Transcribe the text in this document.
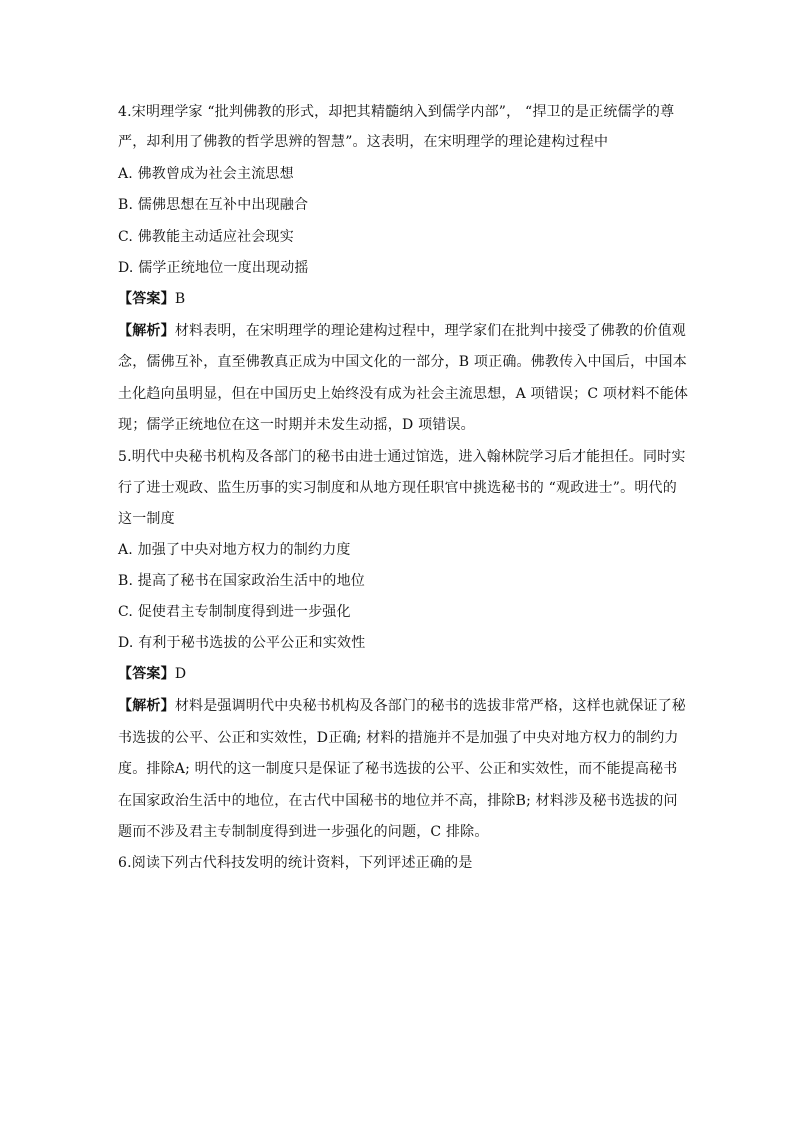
4.宋明理学家 “批判佛教的形式，却把其精髓纳入到儒学内部”， “捍卫的是正统儒学的尊
严，却利用了佛教的哲学思辨的智慧”。这表明，在宋明理学的理论建构过程中
A. 佛教曾成为社会主流思想
B. 儒佛思想在互补中出现融合
C. 佛教能主动适应社会现实
D. 儒学正统地位一度出现动摇
【答案】B
【解析】材料表明，在宋明理学的理论建构过程中，理学家们在批判中接受了佛教的价值观
念，儒佛互补，直至佛教真正成为中国文化的一部分，B 项正确。佛教传入中国后，中国本
土化趋向虽明显，但在中国历史上始终没有成为社会主流思想，A 项错误；C 项材料不能体
现；儒学正统地位在这一时期并未发生动摇，D 项错误。
5.明代中央秘书机构及各部门的秘书由进士通过馆选，进入翰林院学习后才能担任。同时实
行了进士观政、监生历事的实习制度和从地方现任职官中挑选秘书的 “观政进士”。明代的
这一制度
A. 加强了中央对地方权力的制约力度
B. 提高了秘书在国家政治生活中的地位
C. 促使君主专制制度得到进一步强化
D. 有利于秘书选拔的公平公正和实效性
【答案】D
【解析】材料是强调明代中央秘书机构及各部门的秘书的选拔非常严格，这样也就保证了秘
书选拔的公平、公正和实效性，D正确; 材料的措施并不是加强了中央对地方权力的制约力
度。排除A; 明代的这一制度只是保证了秘书选拔的公平、公正和实效性，而不能提高秘书
在国家政治生活中的地位，在古代中国秘书的地位并不高，排除B; 材料涉及秘书选拔的问
题而不涉及君主专制制度得到进一步强化的问题，C 排除。
6.阅读下列古代科技发明的统计资料，下列评述正确的是
